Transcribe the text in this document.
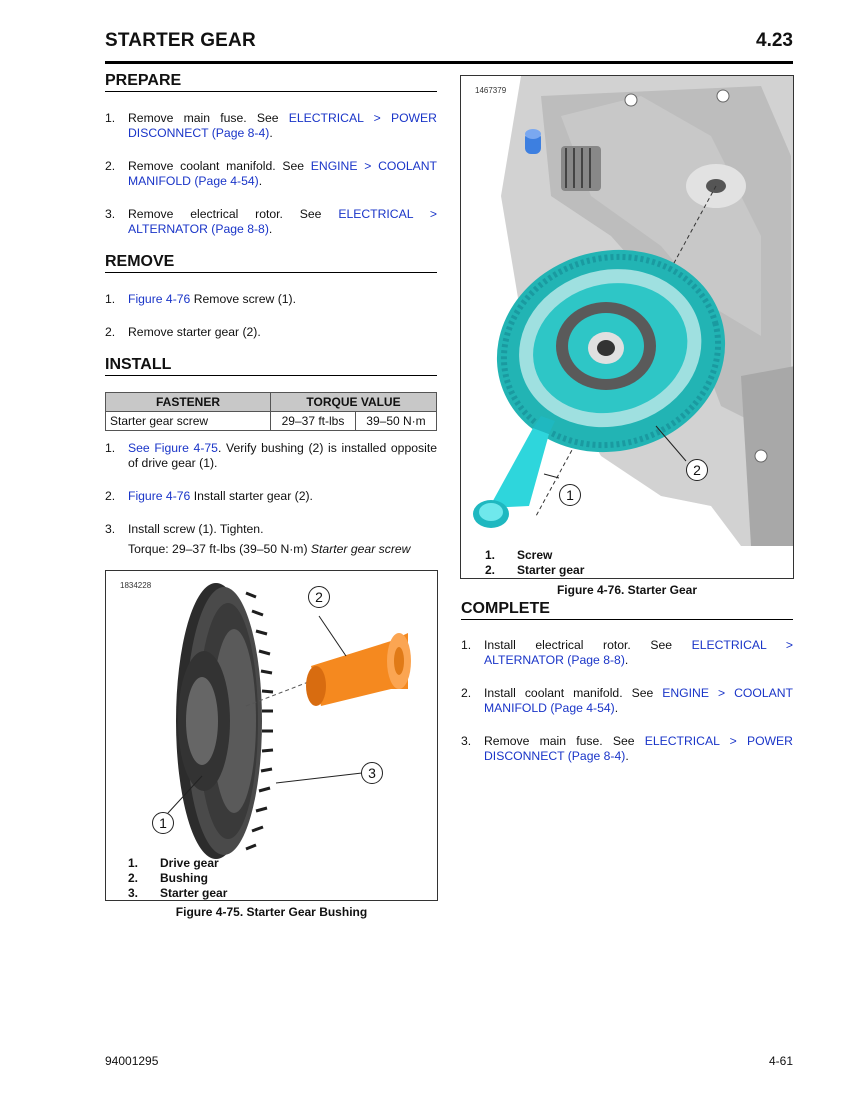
STARTER GEAR	4.23
PREPARE
1. Remove main fuse. See ELECTRICAL > POWER DISCONNECT (Page 8-4).
2. Remove coolant manifold. See ENGINE > COOLANT MANIFOLD (Page 4-54).
3. Remove electrical rotor. See ELECTRICAL > ALTERNATOR (Page 8-8).
REMOVE
1. Figure 4-76 Remove screw (1).
2. Remove starter gear (2).
INSTALL
FASTENER	TORQUE VALUE	
Starter gear screw	29–37 ft-lbs	39–50 N·m
1. See Figure 4-75. Verify bushing (2) is installed opposite of drive gear (1).
2. Figure 4-76 Install starter gear (2).
3. Install screw (1). Tighten.
Torque: 29–37 ft-lbs (39–50 N·m) Starter gear screw
1834228
2
3
1
1. Drive gear
2. Bushing
3. Starter gear
Figure 4-75. Starter Gear Bushing
1467379
1
2
1. Screw
2. Starter gear
Figure 4-76. Starter Gear
COMPLETE
1. Install electrical rotor. See ELECTRICAL > ALTERNATOR (Page 8-8).
2. Install coolant manifold. See ENGINE > COOLANT MANIFOLD (Page 4-54).
3. Remove main fuse. See ELECTRICAL > POWER DISCONNECT (Page 8-4).
94001295	4-61
